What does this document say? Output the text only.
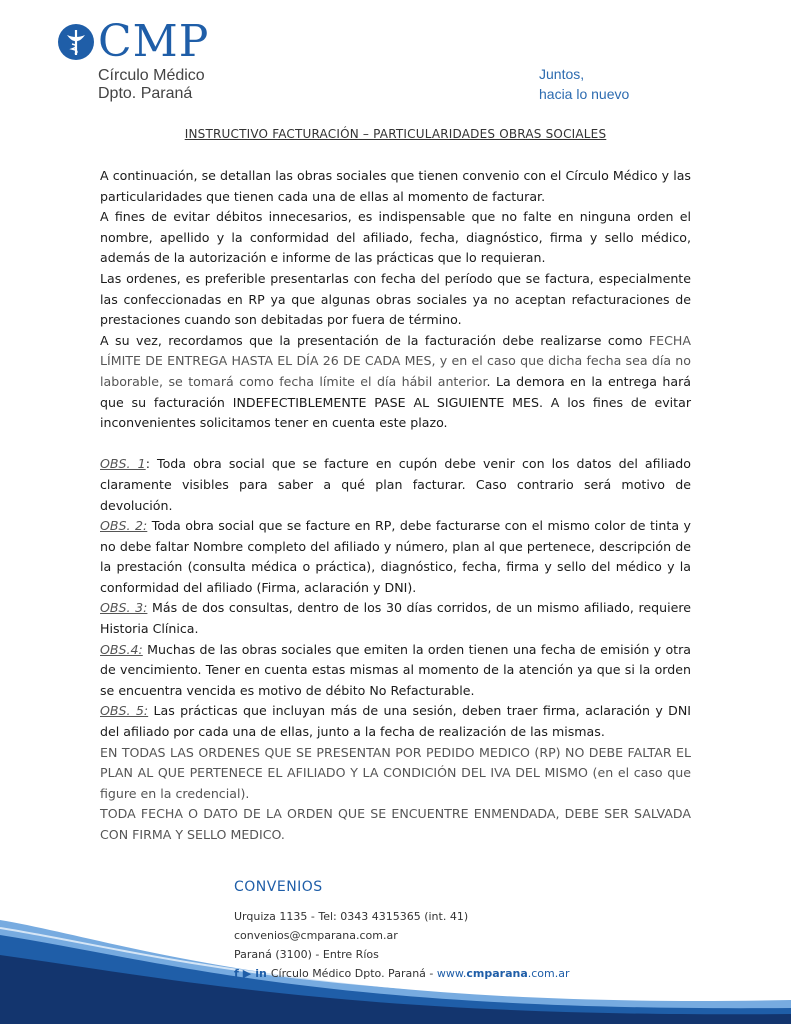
CMP
Círculo Médico
Dpto. Paraná
Juntos,
hacia lo nuevo
INSTRUCTIVO FACTURACIÓN – PARTICULARIDADES OBRAS SOCIALES

A continuación, se detallan las obras sociales que tienen convenio con el Círculo Médico y las particularidades que tienen cada una de ellas al momento de facturar.

A fines de evitar débitos innecesarios, es indispensable que no falte en ninguna orden el nombre, apellido y la conformidad del afiliado, fecha, diagnóstico, firma y sello médico, además de la autorización e informe de las prácticas que lo requieran.

Las ordenes, es preferible presentarlas con fecha del período que se factura, especialmente las confeccionadas en RP ya que algunas obras sociales ya no aceptan refacturaciones de prestaciones cuando son debitadas por fuera de término.

A su vez, recordamos que la presentación de la facturación debe realizarse como FECHA LÍMITE DE ENTREGA HASTA EL DÍA 26 DE CADA MES, y en el caso que dicha fecha sea día no laborable, se tomará como fecha límite el día hábil anterior. La demora en la entrega hará que su facturación INDEFECTIBLEMENTE PASE AL SIGUIENTE MES. A los fines de evitar inconvenientes solicitamos tener en cuenta este plazo.

OBS. 1: Toda obra social que se facture en cupón debe venir con los datos del afiliado claramente visibles para saber a qué plan facturar. Caso contrario será motivo de devolución.

OBS. 2: Toda obra social que se facture en RP, debe facturarse con el mismo color de tinta y no debe faltar Nombre completo del afiliado y número, plan al que pertenece, descripción de la prestación (consulta médica o práctica), diagnóstico, fecha, firma y sello del médico y la conformidad del afiliado (Firma, aclaración y DNI).

OBS. 3: Más de dos consultas, dentro de los 30 días corridos, de un mismo afiliado, requiere Historia Clínica.

OBS.4: Muchas de las obras sociales que emiten la orden tienen una fecha de emisión y otra de vencimiento. Tener en cuenta estas mismas al momento de la atención ya que si la orden se encuentra vencida es motivo de débito No Refacturable.

OBS. 5: Las prácticas que incluyan más de una sesión, deben traer firma, aclaración y DNI del afiliado por cada una de ellas, junto a la fecha de realización de las mismas.

EN TODAS LAS ORDENES QUE SE PRESENTAN POR PEDIDO MEDICO (RP) NO DEBE FALTAR EL PLAN AL QUE PERTENECE EL AFILIADO Y LA CONDICIÓN DEL IVA DEL MISMO (en el caso que figure en la credencial).

TODA FECHA O DATO DE LA ORDEN QUE SE ENCUENTRE ENMENDADA, DEBE SER SALVADA CON FIRMA Y SELLO MEDICO.

CONVENIOS
Urquiza 1135 - Tel: 0343 4315365 (int. 41)
convenios@cmparana.com.ar
Paraná (3100) - Entre Ríos
f ▶ in Círculo Médico Dpto. Paraná - www.cmparana.com.ar
